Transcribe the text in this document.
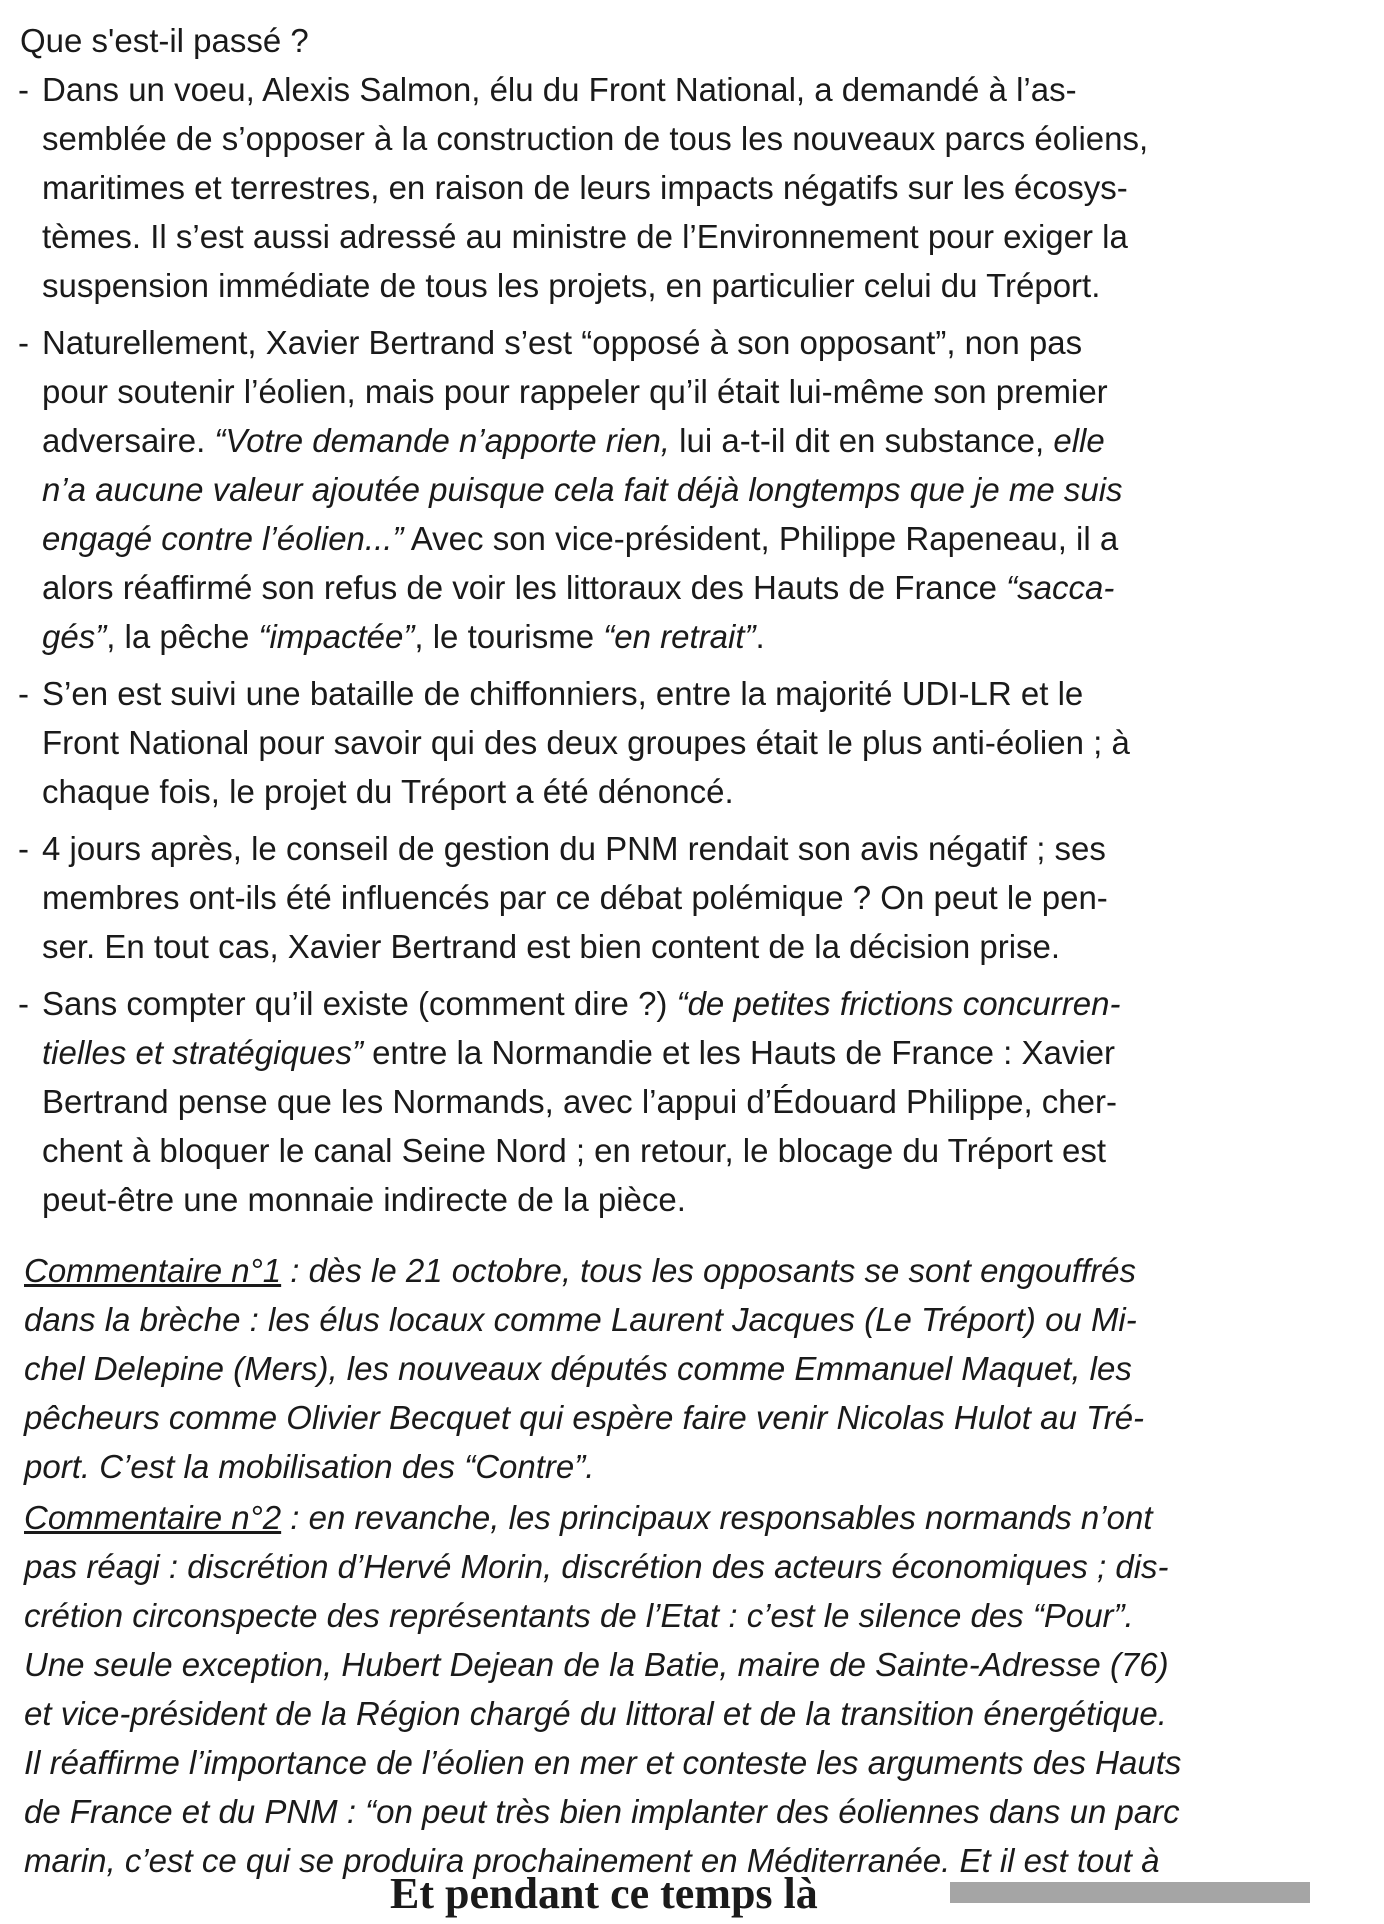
Que s'est-il passé ?
- Dans un voeu, Alexis Salmon, élu du Front National, a demandé à l’as-
semblée de s’opposer à la construction de tous les nouveaux parcs éoliens,
maritimes et terrestres, en raison de leurs impacts négatifs sur les écosys-
tèmes. Il s’est aussi adressé au ministre de l’Environnement pour exiger la
suspension immédiate de tous les projets, en particulier celui du Tréport.
- Naturellement, Xavier Bertrand s’est “opposé à son opposant”, non pas
pour soutenir l’éolien, mais pour rappeler qu’il était lui-même son premier
adversaire. “Votre demande n’apporte rien, lui a-t-il dit en substance, elle
n’a aucune valeur ajoutée puisque cela fait déjà longtemps que je me suis
engagé contre l’éolien...” Avec son vice-président, Philippe Rapeneau, il a
alors réaffirmé son refus de voir les littoraux des Hauts de France “sacca-
gés”, la pêche “impactée”, le tourisme “en retrait”.
- S’en est suivi une bataille de chiffonniers, entre la majorité UDI-LR et le
Front National pour savoir qui des deux groupes était le plus anti-éolien ; à
chaque fois, le projet du Tréport a été dénoncé.
- 4 jours après, le conseil de gestion du PNM rendait son avis négatif ; ses
membres ont-ils été influencés par ce débat polémique ? On peut le pen-
ser. En tout cas, Xavier Bertrand est bien content de la décision prise.
- Sans compter qu’il existe (comment dire ?) “de petites frictions concurren-
tielles et stratégiques” entre la Normandie et les Hauts de France : Xavier
Bertrand pense que les Normands, avec l’appui d’Édouard Philippe, cher-
chent à bloquer le canal Seine Nord ; en retour, le blocage du Tréport est
peut-être une monnaie indirecte de la pièce.
Commentaire n°1 : dès le 21 octobre, tous les opposants se sont engouffrés
dans la brèche : les élus locaux comme Laurent Jacques (Le Tréport) ou Mi-
chel Delepine (Mers), les nouveaux députés comme Emmanuel Maquet, les
pêcheurs comme Olivier Becquet qui espère faire venir Nicolas Hulot au Tré-
port. C’est la mobilisation des “Contre”.
Commentaire n°2 : en revanche, les principaux responsables normands n’ont
pas réagi : discrétion d’Hervé Morin, discrétion des acteurs économiques ; dis-
crétion circonspecte des représentants de l’Etat : c’est le silence des “Pour”.
Une seule exception, Hubert Dejean de la Batie, maire de Sainte-Adresse (76)
et vice-président de la Région chargé du littoral et de la transition énergétique.
Il réaffirme l’importance de l’éolien en mer et conteste les arguments des Hauts
de France et du PNM : “on peut très bien implanter des éoliennes dans un parc
marin, c’est ce qui se produira prochainement en Méditerranée. Et il est tout à
Et pendant ce temps là
